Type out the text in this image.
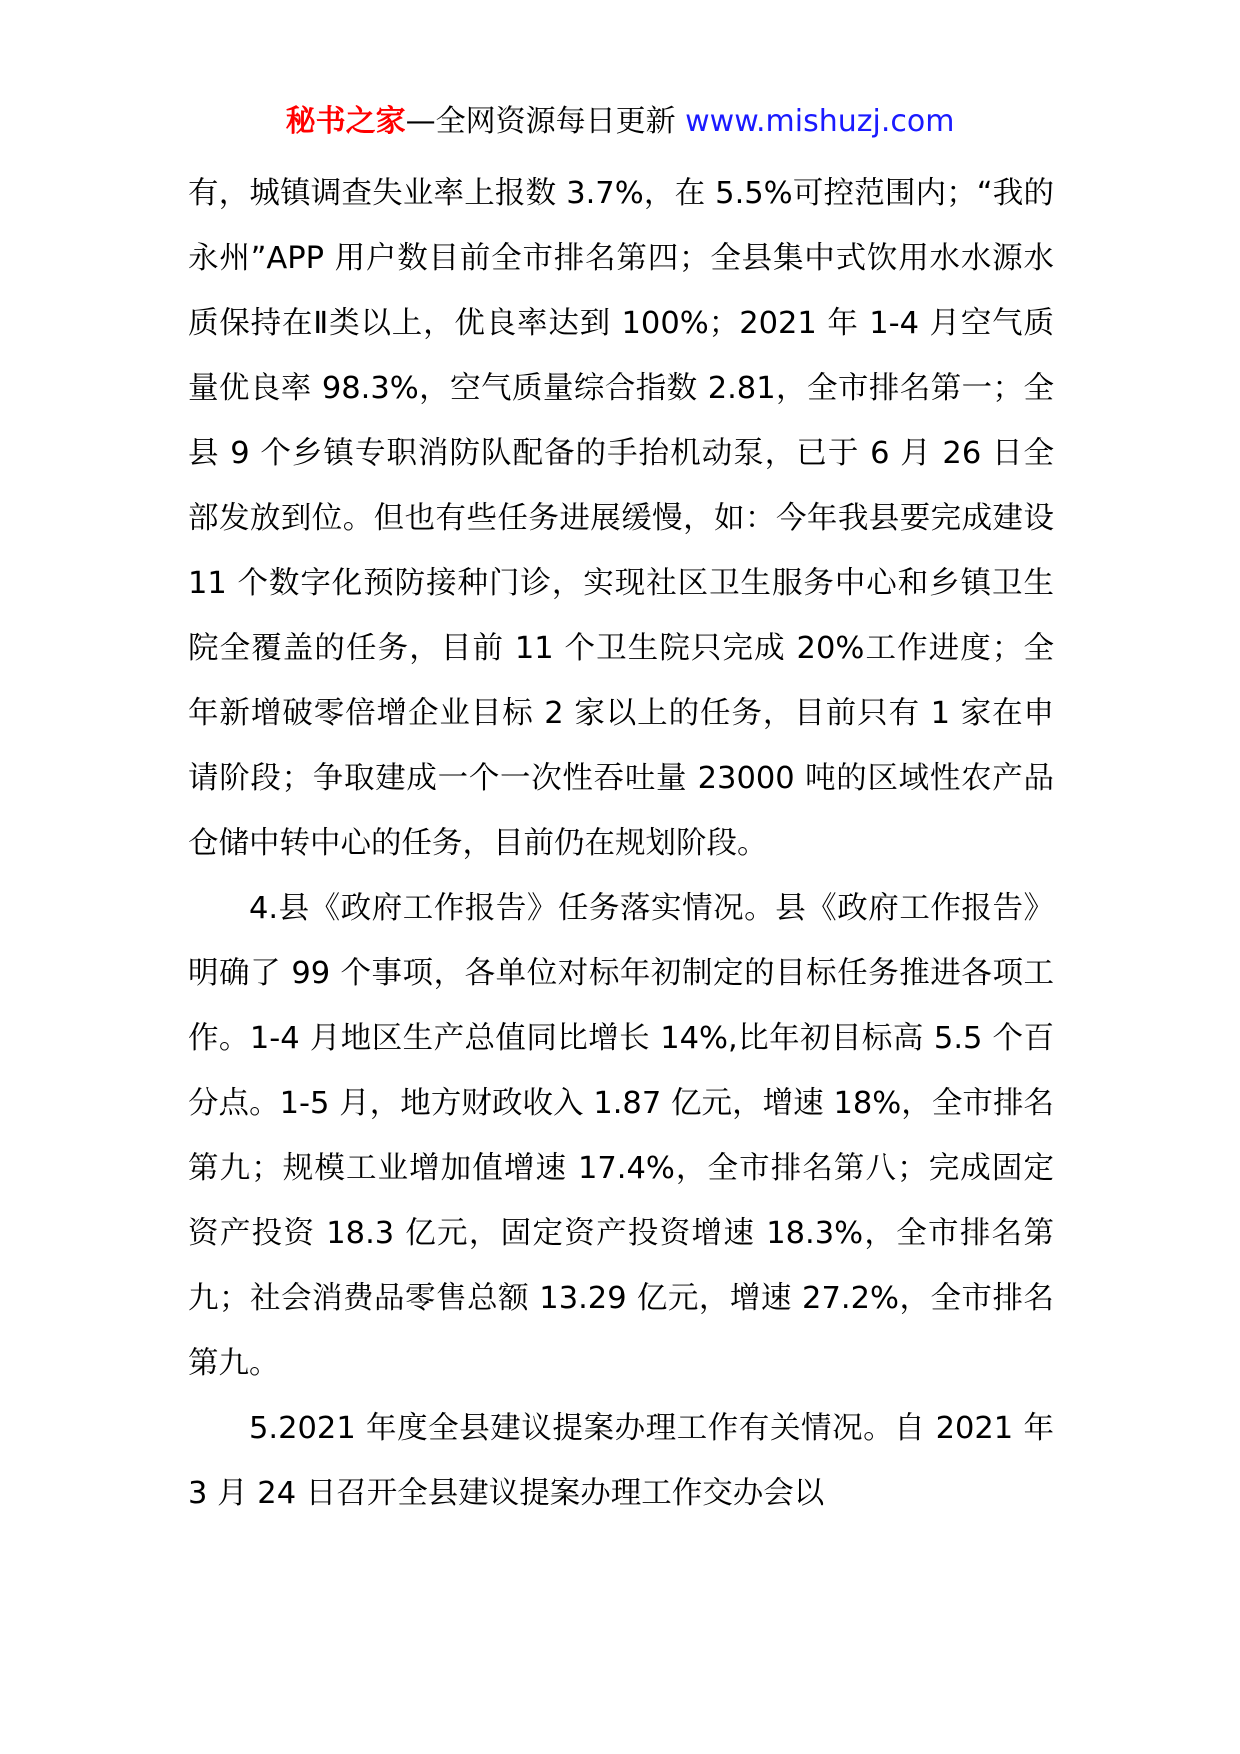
秘书之家—全网资源每日更新 www.mishuzj.com

有，城镇调查失业率上报数 3.7%，在 5.5%可控范围内；“我的永州”APP 用户数目前全市排名第四；全县集中式饮用水水源水质保持在Ⅱ类以上，优良率达到 100%；2021 年 1-4 月空气质量优良率 98.3%，空气质量综合指数 2.81，全市排名第一；全县 9 个乡镇专职消防队配备的手抬机动泵，已于 6 月 26 日全部发放到位。但也有些任务进展缓慢，如：今年我县要完成建设 11 个数字化预防接种门诊，实现社区卫生服务中心和乡镇卫生院全覆盖的任务，目前 11 个卫生院只完成 20%工作进度；全年新增破零倍增企业目标 2 家以上的任务，目前只有 1 家在申请阶段；争取建成一个一次性吞吐量 23000 吨的区域性农产品仓储中转中心的任务，目前仍在规划阶段。

4.县《政府工作报告》任务落实情况。县《政府工作报告》明确了 99 个事项，各单位对标年初制定的目标任务推进各项工作。1-4 月地区生产总值同比增长 14%,比年初目标高 5.5 个百分点。1-5 月，地方财政收入 1.87 亿元，增速 18%，全市排名第九；规模工业增加值增速 17.4%，全市排名第八；完成固定资产投资 18.3 亿元，固定资产投资增速 18.3%，全市排名第九；社会消费品零售总额 13.29 亿元，增速 27.2%，全市排名第九。

5.2021 年度全县建议提案办理工作有关情况。自 2021 年 3 月 24 日召开全县建议提案办理工作交办会以
